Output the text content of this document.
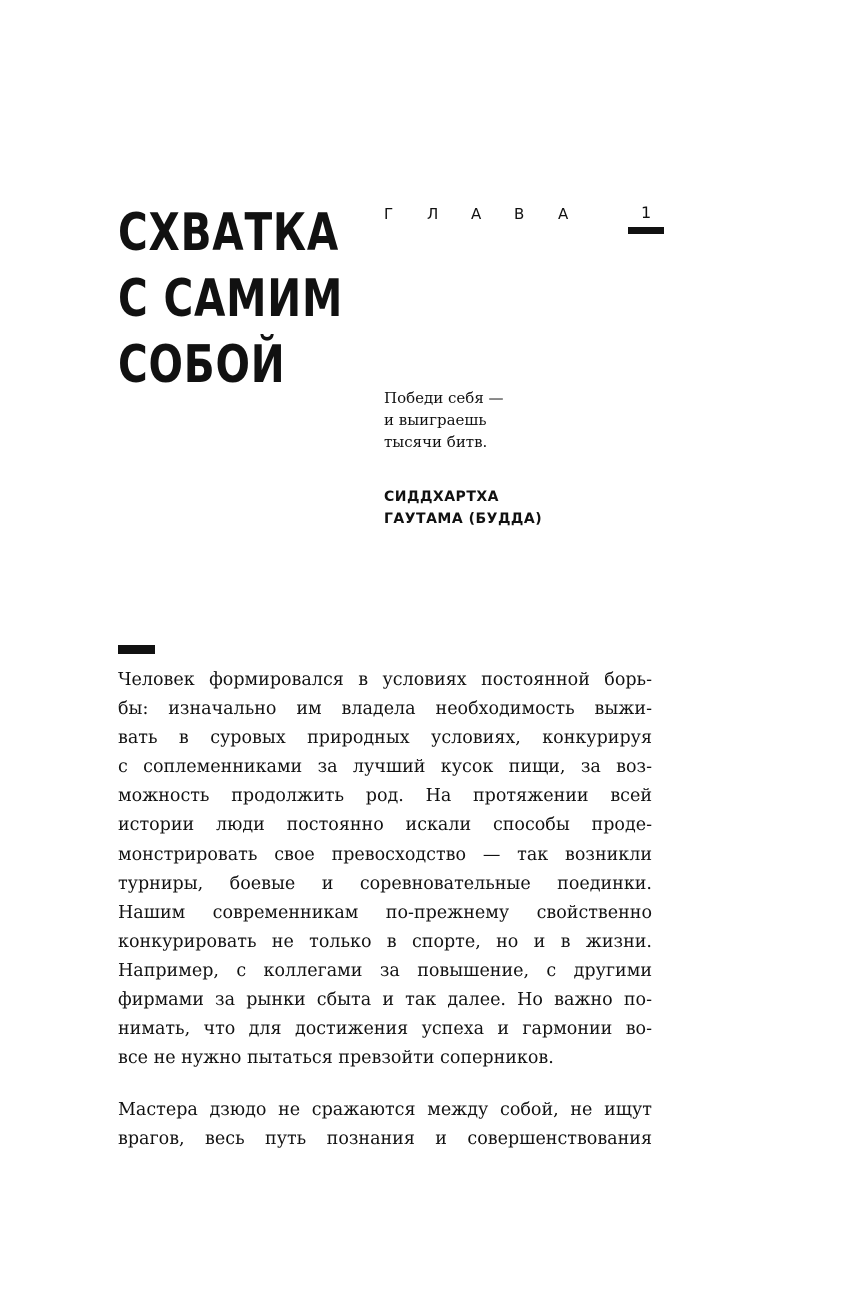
СХВАТКА
С САМИМ
СОБОЙ
Г Л А В А	1
Победи себя —
и выиграешь
тысячи битв.
СИДДХАРТХА
ГАУТАМА (БУДДА)
Человек формировался в условиях постоянной борь-
бы: изначально им владела необходимость выжи-
вать в суровых природных условиях, конкурируя
с соплеменниками за лучший кусок пищи, за воз-
можность продолжить род. На протяжении всей
истории люди постоянно искали способы проде-
монстрировать свое превосходство — так возникли
турниры, боевые и соревновательные поединки.
Нашим современникам по-прежнему свойственно
конкурировать не только в спорте, но и в жизни.
Например, с коллегами за повышение, с другими
фирмами за рынки сбыта и так далее. Но важно по-
нимать, что для достижения успеха и гармонии во-
все не нужно пытаться превзойти соперников.
Мастера дзюдо не сражаются между собой, не ищут
врагов, весь путь познания и совершенствования
